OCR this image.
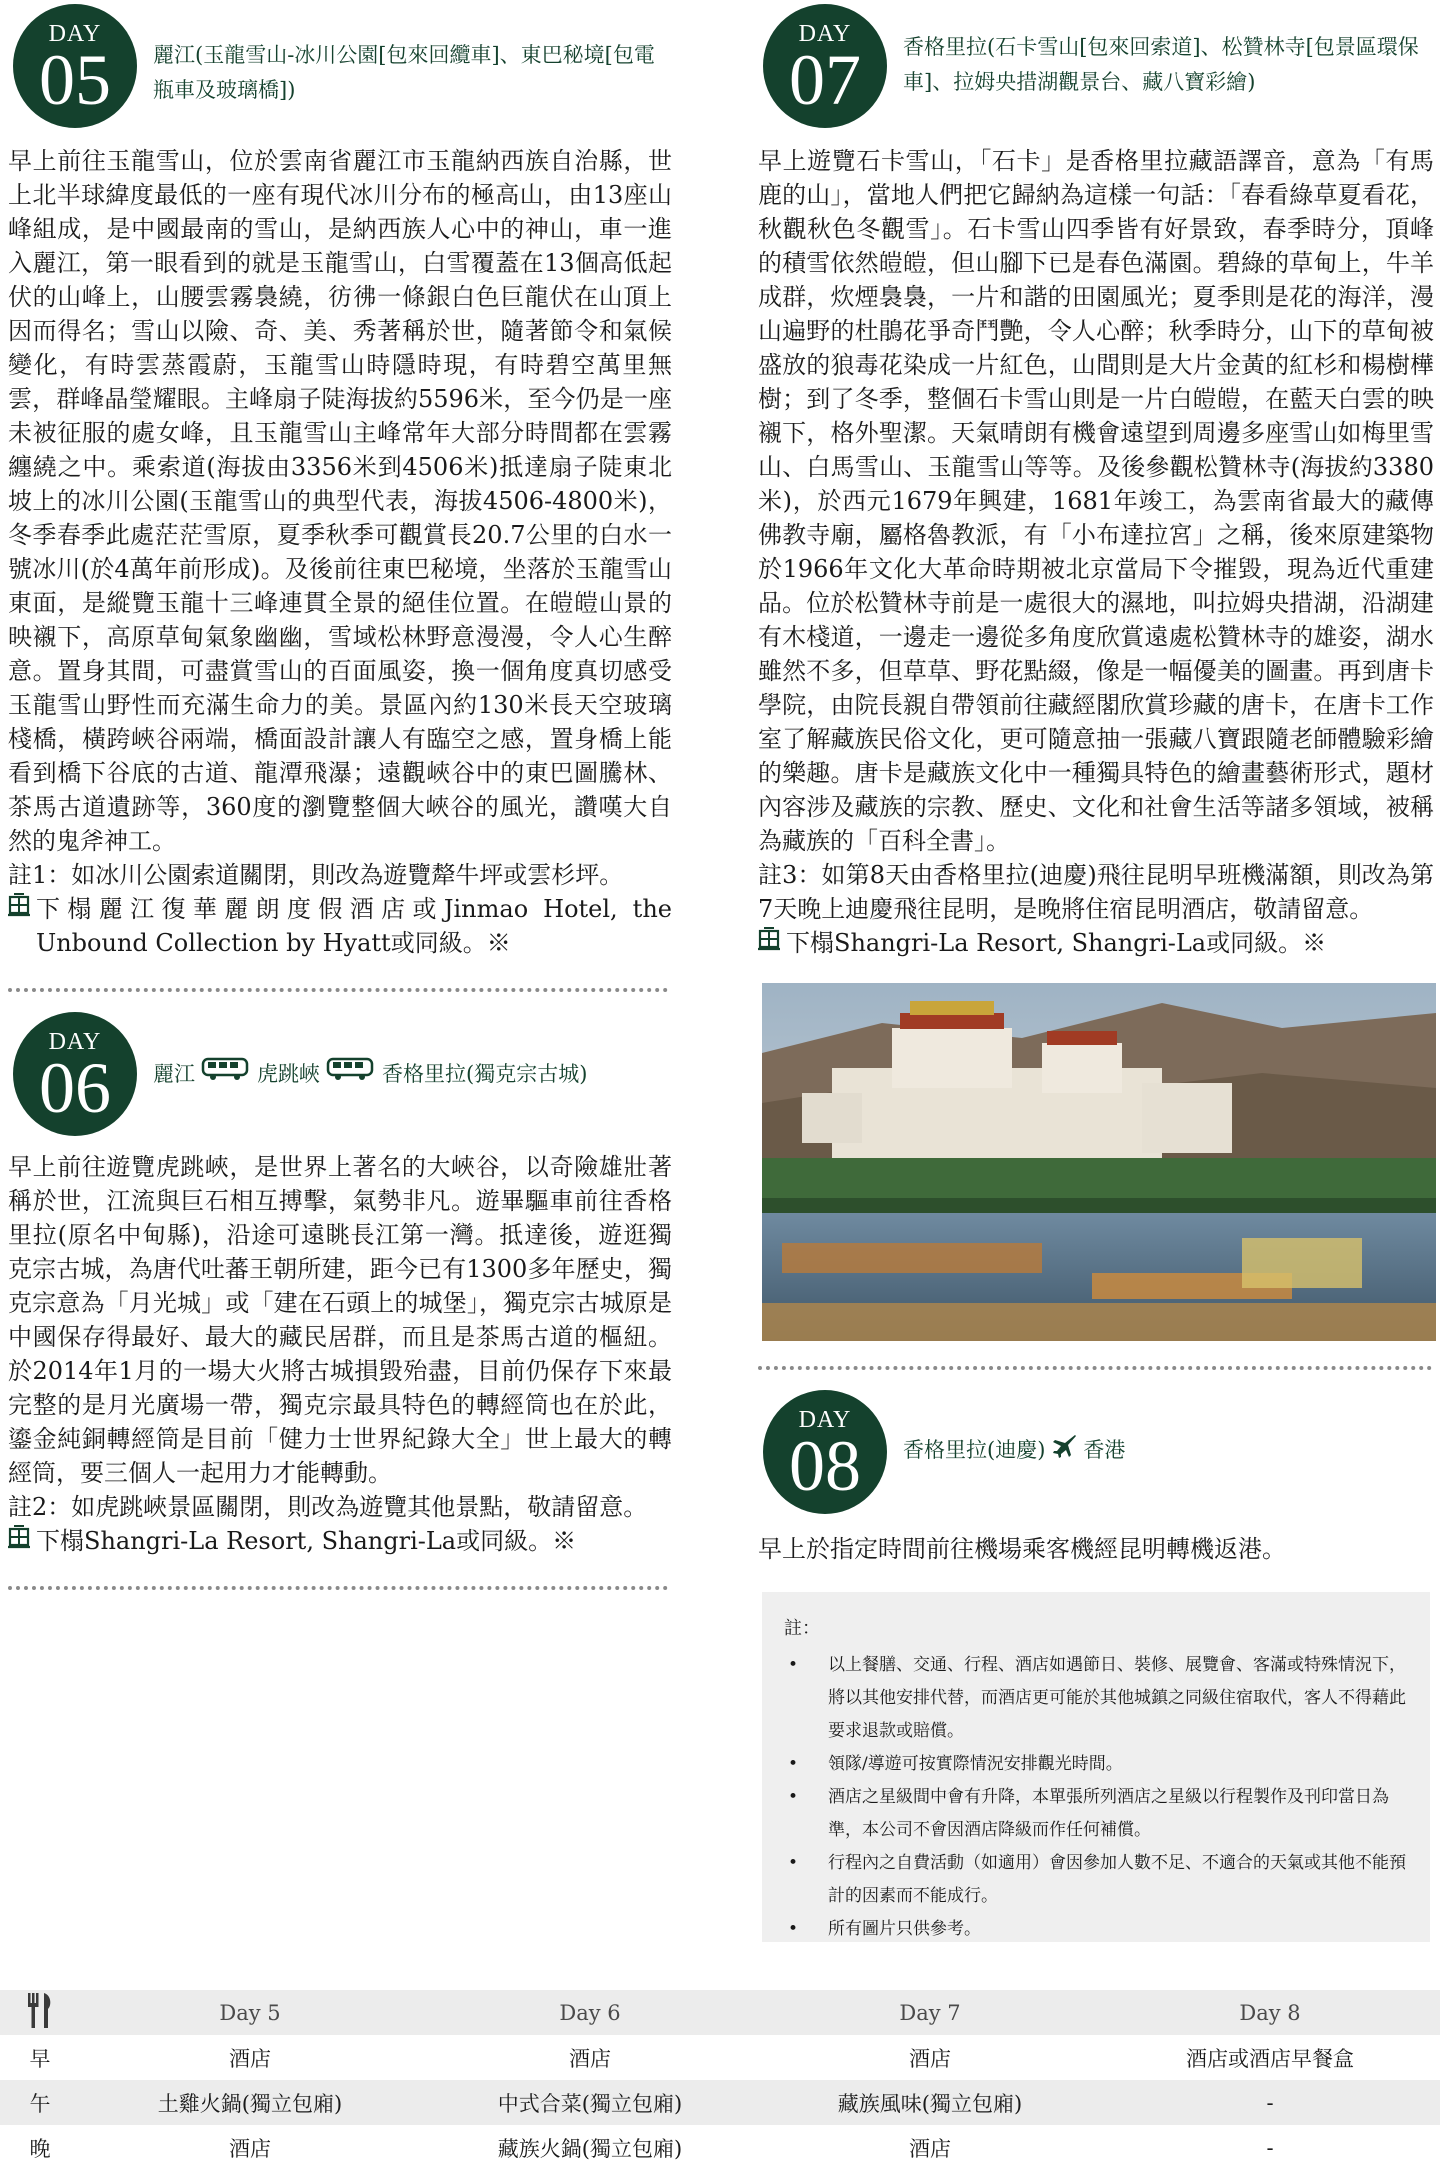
DAY
05 麗江(玉龍雪山-冰川公園[包來回纜車]、東巴秘境[包電瓶車及玻璃橋])

早上前往玉龍雪山，位於雲南省麗江市玉龍納西族自治縣，世上北半球緯度最低的一座有現代冰川分布的極高山，由13座山峰組成，是中國最南的雪山，是納西族人心中的神山，車一進入麗江，第一眼看到的就是玉龍雪山，白雪覆蓋在13個高低起伏的山峰上，山腰雲霧裊繞，彷彿一條銀白色巨龍伏在山頂上因而得名；雪山以險、奇、美、秀著稱於世，隨著節令和氣候變化，有時雲蒸霞蔚，玉龍雪山時隱時現，有時碧空萬里無雲，群峰晶瑩耀眼。主峰扇子陡海拔約5596米，至今仍是一座未被征服的處女峰，且玉龍雪山主峰常年大部分時間都在雲霧纏繞之中。乘索道(海拔由3356米到4506米)抵達扇子陡東北坡上的冰川公園(玉龍雪山的典型代表，海拔4506-4800米)，冬季春季此處茫茫雪原，夏季秋季可觀賞長20.7公里的白水一號冰川(於4萬年前形成)。及後前往東巴秘境，坐落於玉龍雪山東面，是縱覽玉龍十三峰連貫全景的絕佳位置。在皚皚山景的映襯下，高原草甸氣象幽幽，雪域松林野意漫漫，令人心生醉意。置身其間，可盡賞雪山的百面風姿，換一個角度真切感受玉龍雪山野性而充滿生命力的美。景區內約130米長天空玻璃棧橋，橫跨峽谷兩端，橋面設計讓人有臨空之感，置身橋上能看到橋下谷底的古道、龍潭飛瀑；遠觀峽谷中的東巴圖騰林、茶馬古道遺跡等，360度的瀏覽整個大峽谷的風光，讚嘆大自然的鬼斧神工。

註1：如冰川公園索道關閉，則改為遊覽犛牛坪或雲杉坪。

下榻麗江復華麗朗度假酒店或Jinmao Hotel, the Unbound Collection by Hyatt或同級。※

DAY
06 麗江	虎跳峽	香格里拉(獨克宗古城)

早上前往遊覽虎跳峽，是世界上著名的大峽谷，以奇險雄壯著稱於世，江流與巨石相互搏擊，氣勢非凡。遊畢驅車前往香格里拉(原名中甸縣)，沿途可遠眺長江第一灣。抵達後，遊逛獨克宗古城，為唐代吐蕃王朝所建，距今已有1300多年歷史，獨克宗意為「月光城」或「建在石頭上的城堡」，獨克宗古城原是中國保存得最好、最大的藏民居群，而且是茶馬古道的樞紐。於2014年1月的一場大火將古城損毀殆盡，目前仍保存下來最完整的是月光廣場一帶，獨克宗最具特色的轉經筒也在於此，鎏金純銅轉經筒是目前「健力士世界紀錄大全」世上最大的轉經筒，要三個人一起用力才能轉動。

註2：如虎跳峽景區關閉，則改為遊覽其他景點，敬請留意。

下榻Shangri-La Resort, Shangri-La或同級。※

DAY
07 香格里拉(石卡雪山[包來回索道]、松贊林寺[包景區環保車]、拉姆央措湖觀景台、藏八寶彩繪)

早上遊覽石卡雪山，「石卡」是香格里拉藏語譯音，意為「有馬鹿的山」，當地人們把它歸納為這樣一句話：「春看綠草夏看花，秋觀秋色冬觀雪」。石卡雪山四季皆有好景致，春季時分，頂峰的積雪依然皚皚，但山腳下已是春色滿園。碧綠的草甸上，牛羊成群，炊煙裊裊，一片和諧的田園風光；夏季則是花的海洋，漫山遍野的杜鵑花爭奇鬥艷，令人心醉；秋季時分，山下的草甸被盛放的狼毒花染成一片紅色，山間則是大片金黃的紅杉和楊樹樺樹；到了冬季，整個石卡雪山則是一片白皚皚，在藍天白雲的映襯下，格外聖潔。天氣晴朗有機會遠望到周邊多座雪山如梅里雪山、白馬雪山、玉龍雪山等等。及後參觀松贊林寺(海拔約3380米)，於西元1679年興建，1681年竣工，為雲南省最大的藏傳佛教寺廟，屬格魯教派，有「小布達拉宮」之稱，後來原建築物於1966年文化大革命時期被北京當局下令摧毀，現為近代重建品。位於松贊林寺前是一處很大的濕地，叫拉姆央措湖，沿湖建有木棧道，一邊走一邊從多角度欣賞遠處松贊林寺的雄姿，湖水雖然不多，但草草、野花點綴，像是一幅優美的圖畫。再到唐卡學院，由院長親自帶領前往藏經閣欣賞珍藏的唐卡，在唐卡工作室了解藏族民俗文化，更可隨意抽一張藏八寶跟隨老師體驗彩繪的樂趣。唐卡是藏族文化中一種獨具特色的繪畫藝術形式，題材內容涉及藏族的宗教、歷史、文化和社會生活等諸多領域，被稱為藏族的「百科全書」。

註3：如第8天由香格里拉(迪慶)飛往昆明早班機滿額，則改為第7天晚上迪慶飛往昆明，是晚將住宿昆明酒店，敬請留意。

下榻Shangri-La Resort, Shangri-La或同級。※

DAY
08 香格里拉(迪慶) 香港

早上於指定時間前往機場乘客機經昆明轉機返港。

註：
• 以上餐膳、交通、行程、酒店如遇節日、裝修、展覽會、客滿或特殊情況下，將以其他安排代替，而酒店更可能於其他城鎮之同級住宿取代，客人不得藉此要求退款或賠償。
• 領隊/導遊可按實際情況安排觀光時間。
• 酒店之星級間中會有升降，本單張所列酒店之星級以行程製作及刊印當日為準，本公司不會因酒店降級而作任何補償。
• 行程內之自費活動（如適用）會因參加人數不足、不適合的天氣或其他不能預計的因素而不能成行。
• 所有圖片只供參考。
	Day 5	Day 6	Day 7	Day 8
早	酒店	酒店	酒店	酒店或酒店早餐盒
午	土雞火鍋(獨立包廂)	中式合菜(獨立包廂)	藏族風味(獨立包廂)	-
晚	酒店	藏族火鍋(獨立包廂)	酒店	-
